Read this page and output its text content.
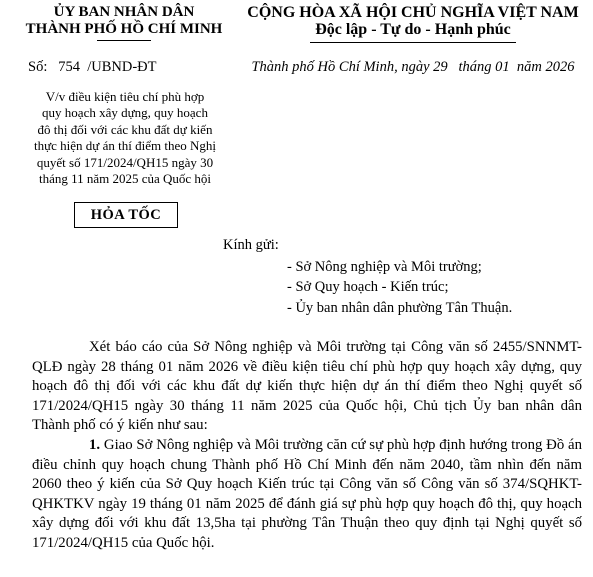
ỦY BAN NHÂN DÂN
THÀNH PHỐ HỒ CHÍ MINH
CỘNG HÒA XÃ HỘI CHỦ NGHĨA VIỆT NAM
Độc lập - Tự do - Hạnh phúc
Số:   754  /UBND-ĐT	Thành phố Hồ Chí Minh, ngày 29   tháng 01  năm 2026
V/v điều kiện tiêu chí phù hợp
quy hoạch xây dựng, quy hoạch
đô thị đối với các khu đất dự kiến
thực hiện dự án thí điểm theo Nghị
quyết số 171/2024/QH15 ngày 30
tháng 11 năm 2025 của Quốc hội
HỎA TỐC
Kính gửi:
- Sở Nông nghiệp và Môi trường;
- Sở Quy hoạch - Kiến trúc;
- Ủy ban nhân dân phường Tân Thuận.
Xét báo cáo của Sở Nông nghiệp và Môi trường tại Công văn số 2455/SNNMT-QLĐ ngày 28 tháng 01 năm 2026 về điều kiện tiêu chí phù hợp quy hoạch xây dựng, quy hoạch đô thị đối với các khu đất dự kiến thực hiện dự án thí điểm theo Nghị quyết số 171/2024/QH15 ngày 30 tháng 11 năm 2025 của Quốc hội, Chủ tịch Ủy ban nhân dân Thành phố có ý kiến như sau:
1. Giao Sở Nông nghiệp và Môi trường căn cứ sự phù hợp định hướng trong Đồ án điều chỉnh quy hoạch chung Thành phố Hồ Chí Minh đến năm 2040, tầm nhìn đến năm 2060 theo ý kiến của Sở Quy hoạch Kiến trúc tại Công văn số Công văn số 374/SQHKT-QHKTKV ngày 19 tháng 01 năm 2025 để đánh giá sự phù hợp quy hoạch đô thị, quy hoạch xây dựng đối với khu đất 13,5ha tại phường Tân Thuận theo quy định tại Nghị quyết số 171/2024/QH15 của Quốc hội.
